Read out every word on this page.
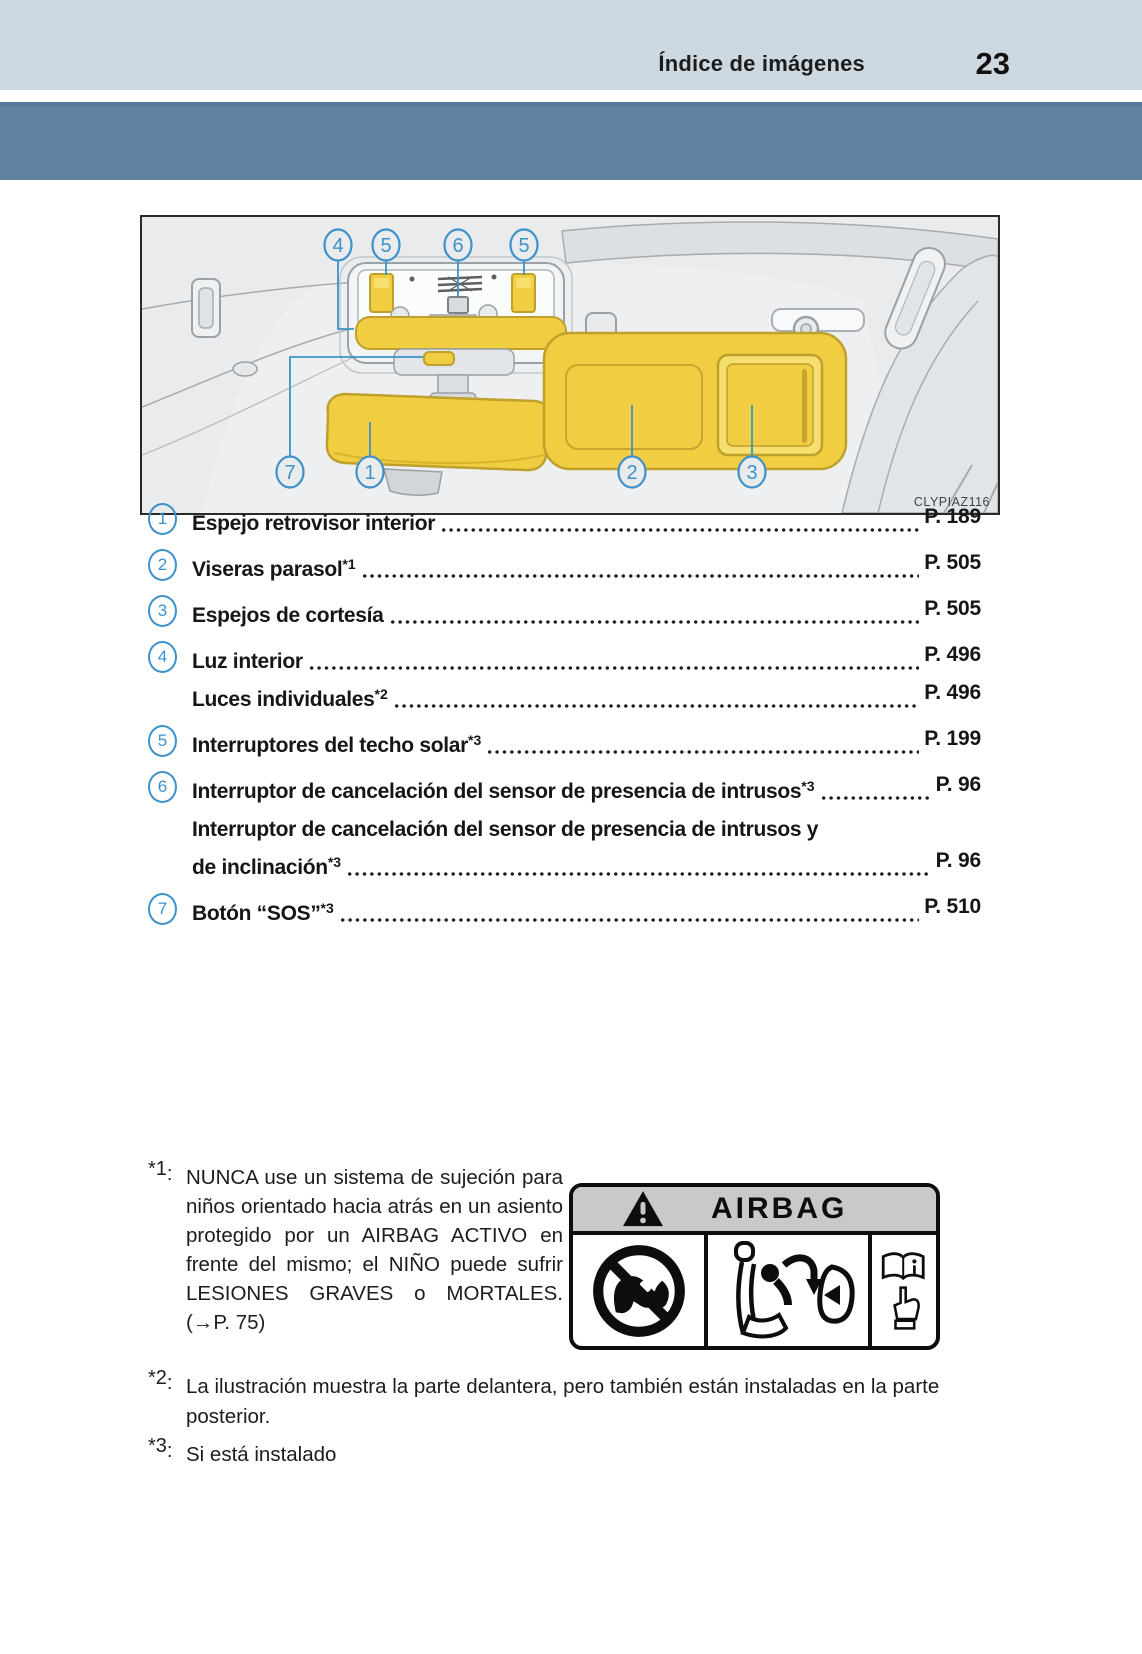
Índice de imágenes	23
4 5	6	5
7	1	2	3
CLYPIAZ116
1	Espejo retrovisor interior	P. 189
2	Viseras parasol$^{*1}$	P. 505
3	Espejos de cortesía	P. 505
4	Luz interior	P. 496
Luces individuales$^{*2}$	P. 496
5	Interruptores del techo solar$^{*3}$	P. 199
6	Interruptor de cancelación del sensor de presencia de intrusos$^{*3}$	P. 96
Interruptor de cancelación del sensor de presencia de intrusos y
de inclinación$^{*3}$	P. 96
7	Botón “SOS”$^{*3}$	P. 510
*1: NUNCA use un sistema de sujeción para niños orientado hacia atrás en un asiento protegido por un AIRBAG ACTIVO en frente del mismo; el NIÑO puede sufrir LESIONES GRAVES o MORTALES. (→P. 75)
AIRBAG
*2: La ilustración muestra la parte delantera, pero también están instaladas en la parte posterior.
*3: Si está instalado
